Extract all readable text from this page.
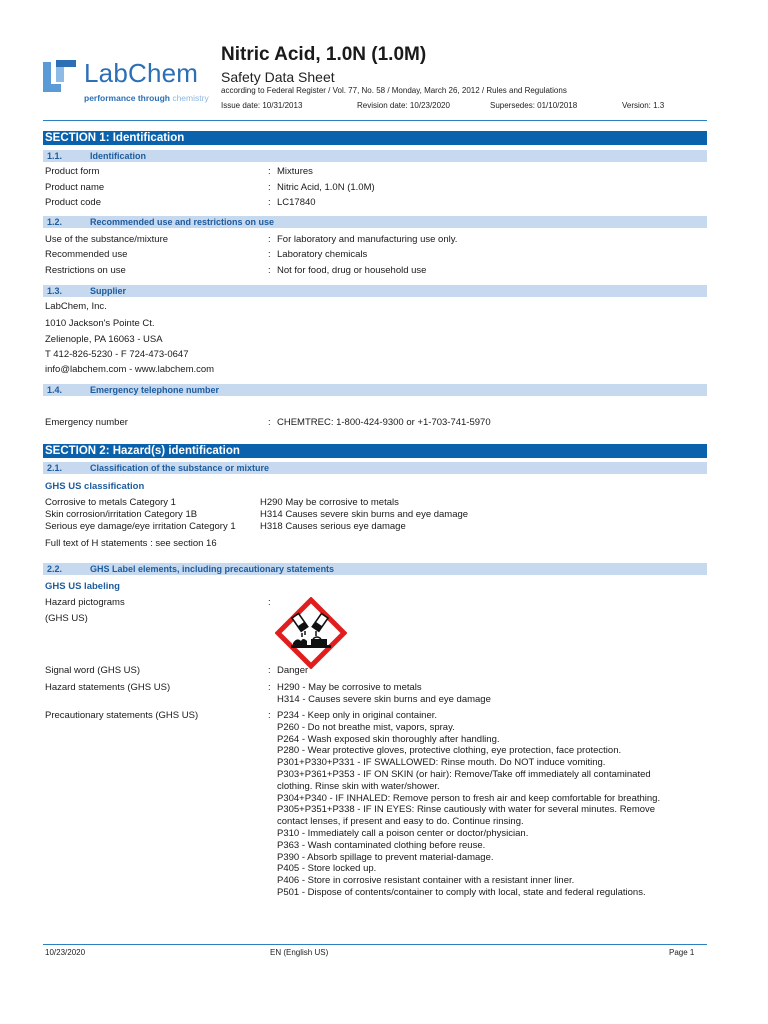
LabChem
performance through chemistry
Nitric Acid, 1.0N (1.0M)
Safety Data Sheet
according to Federal Register / Vol. 77, No. 58 / Monday, March 26, 2012 / Rules and Regulations
Issue date: 10/31/2013	Revision date: 10/23/2020	Supersedes: 01/10/2018	Version: 1.3
SECTION 1: Identification
1.1.	Identification
Product form	: Mixtures
Product name	: Nitric Acid, 1.0N (1.0M)
Product code	: LC17840
1.2.	Recommended use and restrictions on use
Use of the substance/mixture	: For laboratory and manufacturing use only.
Recommended use	: Laboratory chemicals
Restrictions on use	: Not for food, drug or household use
1.3.	Supplier
LabChem, Inc.
1010 Jackson's Pointe Ct.
Zelienople, PA 16063 - USA
T 412-826-5230 - F 724-473-0647
info@labchem.com - www.labchem.com
1.4.	Emergency telephone number
Emergency number	: CHEMTREC: 1-800-424-9300 or +1-703-741-5970
SECTION 2: Hazard(s) identification
2.1.	Classification of the substance or mixture
GHS US classification
Corrosive to metals Category 1	H290 May be corrosive to metals
Skin corrosion/irritation Category 1B	H314 Causes severe skin burns and eye damage
Serious eye damage/eye irritation Category 1	H318 Causes serious eye damage
Full text of H statements : see section 16
2.2.	GHS Label elements, including precautionary statements
GHS US labeling
Hazard pictograms
(GHS US)
:
Signal word (GHS US)	: Danger
Hazard statements (GHS US)	: H290 - May be corrosive to metals
H314 - Causes severe skin burns and eye damage
Precautionary statements (GHS US)	: P234 - Keep only in original container.
P260 - Do not breathe mist, vapors, spray.
P264 - Wash exposed skin thoroughly after handling.
P280 - Wear protective gloves, protective clothing, eye protection, face protection.
P301+P330+P331 - IF SWALLOWED: Rinse mouth. Do NOT induce vomiting.
P303+P361+P353 - IF ON SKIN (or hair): Remove/Take off immediately all contaminated
clothing. Rinse skin with water/shower.
P304+P340 - IF INHALED: Remove person to fresh air and keep comfortable for breathing.
P305+P351+P338 - IF IN EYES: Rinse cautiously with water for several minutes. Remove
contact lenses, if present and easy to do. Continue rinsing.
P310 - Immediately call a poison center or doctor/physician.
P363 - Wash contaminated clothing before reuse.
P390 - Absorb spillage to prevent material-damage.
P405 - Store locked up.
P406 - Store in corrosive resistant container with a resistant inner liner.
P501 - Dispose of contents/container to comply with local, state and federal regulations.
10/23/2020	EN (English US)	Page 1
